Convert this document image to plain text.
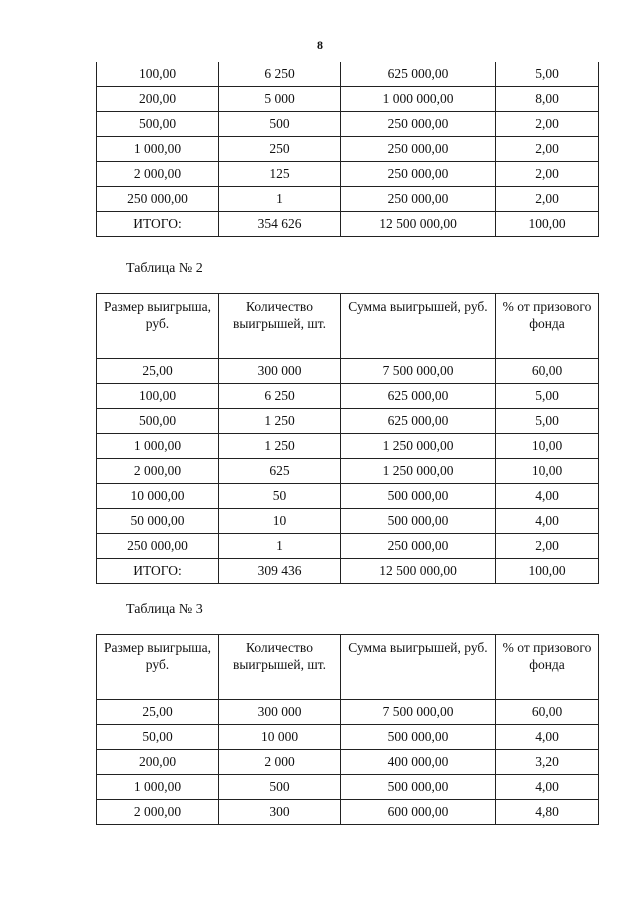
8
100,00	6 250	625 000,00	5,00
200,00	5 000	1 000 000,00	8,00
500,00	500	250 000,00	2,00
1 000,00	250	250 000,00	2,00
2 000,00	125	250 000,00	2,00
250 000,00	1	250 000,00	2,00
ИТОГО:	354 626	12 500 000,00	100,00
Таблица № 2
Размер выигрыша, руб.	Количество выигрышей, шт.	Сумма выигрышей, руб.	% от призового фонда
25,00	300 000	7 500 000,00	60,00
100,00	6 250	625 000,00	5,00
500,00	1 250	625 000,00	5,00
1 000,00	1 250	1 250 000,00	10,00
2 000,00	625	1 250 000,00	10,00
10 000,00	50	500 000,00	4,00
50 000,00	10	500 000,00	4,00
250 000,00	1	250 000,00	2,00
ИТОГО:	309 436	12 500 000,00	100,00
Таблица № 3
Размер выигрыша, руб.	Количество выигрышей, шт.	Сумма выигрышей, руб.	% от призового фонда
25,00	300 000	7 500 000,00	60,00
50,00	10 000	500 000,00	4,00
200,00	2 000	400 000,00	3,20
1 000,00	500	500 000,00	4,00
2 000,00	300	600 000,00	4,80
